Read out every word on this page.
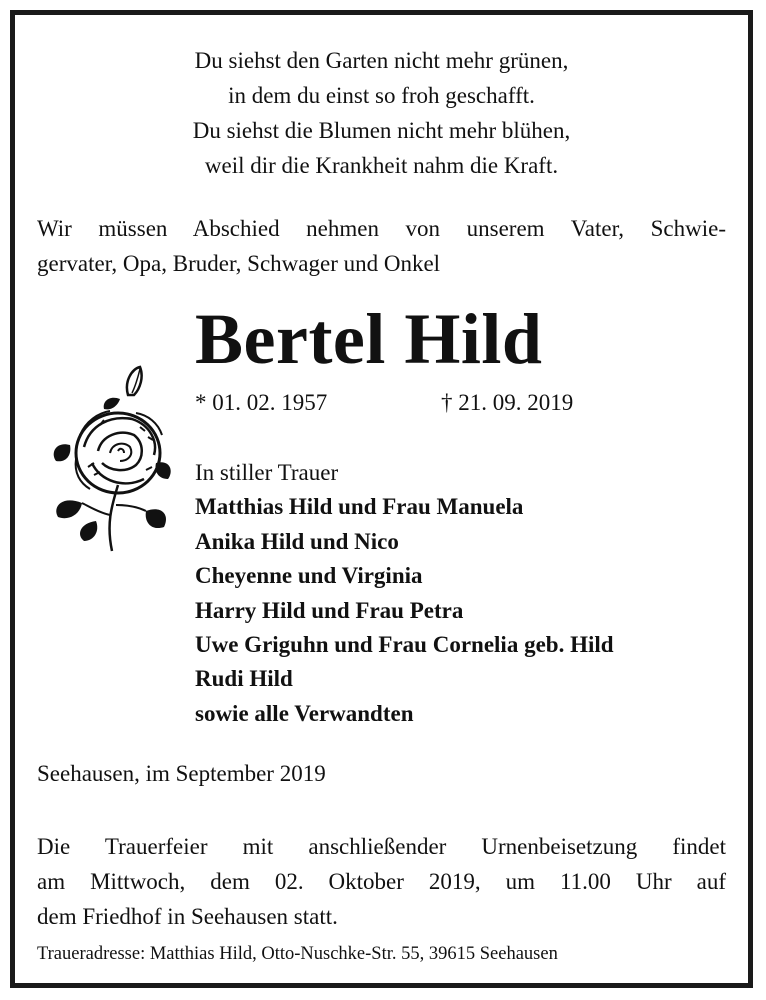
Du siehst den Garten nicht mehr grünen,
in dem du einst so froh geschafft.
Du siehst die Blumen nicht mehr blühen,
weil dir die Krankheit nahm die Kraft.
Wir müssen Abschied nehmen von unserem Vater, Schwie-
gervater, Opa, Bruder, Schwager und Onkel
Bertel Hild
* 01. 02. 1957	† 21. 09. 2019
In stiller Trauer
Matthias Hild und Frau Manuela
Anika Hild und Nico
Cheyenne und Virginia
Harry Hild und Frau Petra
Uwe Griguhn und Frau Cornelia geb. Hild
Rudi Hild
sowie alle Verwandten
Seehausen, im September 2019
Die Trauerfeier mit anschließender Urnenbeisetzung findet
am Mittwoch, dem 02. Oktober 2019, um 11.00 Uhr auf
dem Friedhof in Seehausen statt.
Traueradresse: Matthias Hild, Otto-Nuschke-Str. 55, 39615 Seehausen
